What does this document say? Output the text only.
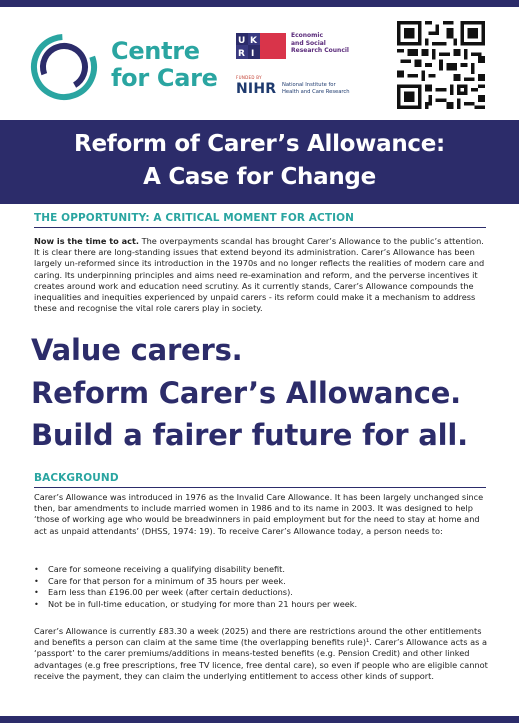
Centre
for Care
U K
R I
Economic
and Social
Research Council
FUNDED BY
NIHR National Institute for
Health and Care Research
Reform of Carer’s Allowance:
A Case for Change
THE OPPORTUNITY: A CRITICAL MOMENT FOR ACTION
Now is the time to act. The overpayments scandal has brought Carer’s Allowance to the public’s attention. It is clear there are long-standing issues that extend beyond its administration. Carer’s Allowance has been largely un-reformed since its introduction in the 1970s and no longer reflects the realities of modern care and caring. Its underpinning principles and aims need re-examination and reform, and the perverse incentives it creates around work and education need scrutiny. As it currently stands, Carer’s Allowance compounds the inequalities and inequities experienced by unpaid carers - its reform could make it a mechanism to address these and recognise the vital role carers play in society.
Value carers.
Reform Carer’s Allowance.
Build a fairer future for all.
BACKGROUND
Carer’s Allowance was introduced in 1976 as the Invalid Care Allowance. It has been largely unchanged since then, bar amendments to include married women in 1986 and to its name in 2003. It was designed to help ‘those of working age who would be breadwinners in paid employment but for the need to stay at home and act as unpaid attendants’ (DHSS, 1974: 19). To receive Carer’s Allowance today, a person needs to:
• Care for someone receiving a qualifying disability benefit.
• Care for that person for a minimum of 35 hours per week.
• Earn less than £196.00 per week (after certain deductions).
• Not be in full-time education, or studying for more than 21 hours per week.
Carer’s Allowance is currently £83.30 a week (2025) and there are restrictions around the other entitlements and benefits a person can claim at the same time (the overlapping benefits rule)¹. Carer’s Allowance acts as a ‘passport’ to the carer premiums/additions in means-tested benefits (e.g. Pension Credit) and other linked advantages (e.g free prescriptions, free TV licence, free dental care), so even if people who are eligible cannot receive the payment, they can claim the underlying entitlement to access other kinds of support.
